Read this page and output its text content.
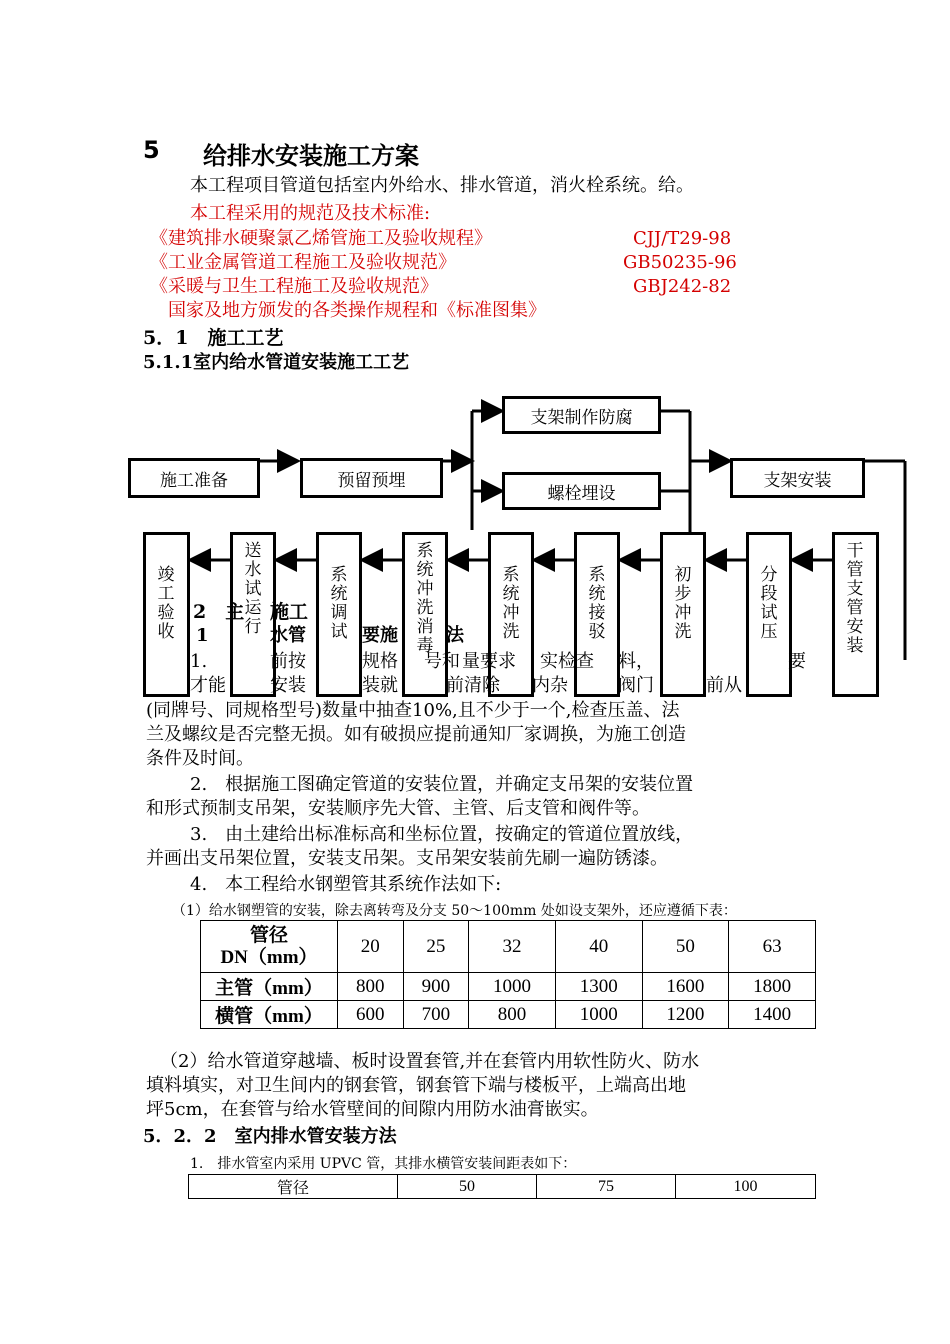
5 给排水安装施工方案
本工程项目管道包括室内外给水、排水管道，消火栓系统。给。
本工程采用的规范及技术标准:
《建筑排水硬聚氯乙烯管施工及验收规程》	CJJ/T29-98
《工业金属管道工程施工及验收规范》	GB50235-96
《采暖与卫生工程施工及验收规范》	GBJ242-82
国家及地方颁发的各类操作规程和《标准图集》
5．1　施工工艺
5.1.1室内给水管道安装施工工艺
2　主 施工
1	水管	要施	法
1.	前按	规格 号和 量要求 实检查 料，	要
才能 安装	装就	前清除 内杂	阀门	前从
支架制作防腐
螺栓埋设
施工准备	预留预埋	支架安装
竣工验收
送水试运行
系统调试
系统冲洗消毒
系统冲洗
系统接驳
初步冲洗
分段试压
干管支管安装
(同牌号、同规格型号)数量中抽查10%,且不少于一个,检查压盖、法
兰及螺纹是否完整无损。如有破损应提前通知厂家调换，为施工创造
条件及时间。
2.　根据施工图确定管道的安装位置，并确定支吊架的安装位置
和形式预制支吊架，安装顺序先大管、主管、后支管和阀件等。
3.　由土建给出标准标高和坐标位置，按确定的管道位置放线，
并画出支吊架位置，安装支吊架。支吊架安装前先刷一遍防锈漆。
4.　本工程给水钢塑管其系统作法如下:
（1）给水钢塑管的安装，除去离转弯及分支 50～100mm 处如设支架外，还应遵循下表：
管径
DN（mm）	20	25	32	40	50	63
主管（mm）	800	900	1000	1300	1600	1800
横管（mm）	600	700	800	1000	1200	1400
（2）给水管道穿越墙、板时设置套管,并在套管内用软性防火、防水
填料填实，对卫生间内的钢套管，钢套管下端与楼板平，上端高出地
坪5cm，在套管与给水管壁间的间隙内用防水油膏嵌实。
5．2．2　室内排水管安装方法
1.　排水管室内采用 UPVC 管，其排水横管安装间距表如下：
管径	50	75	100
